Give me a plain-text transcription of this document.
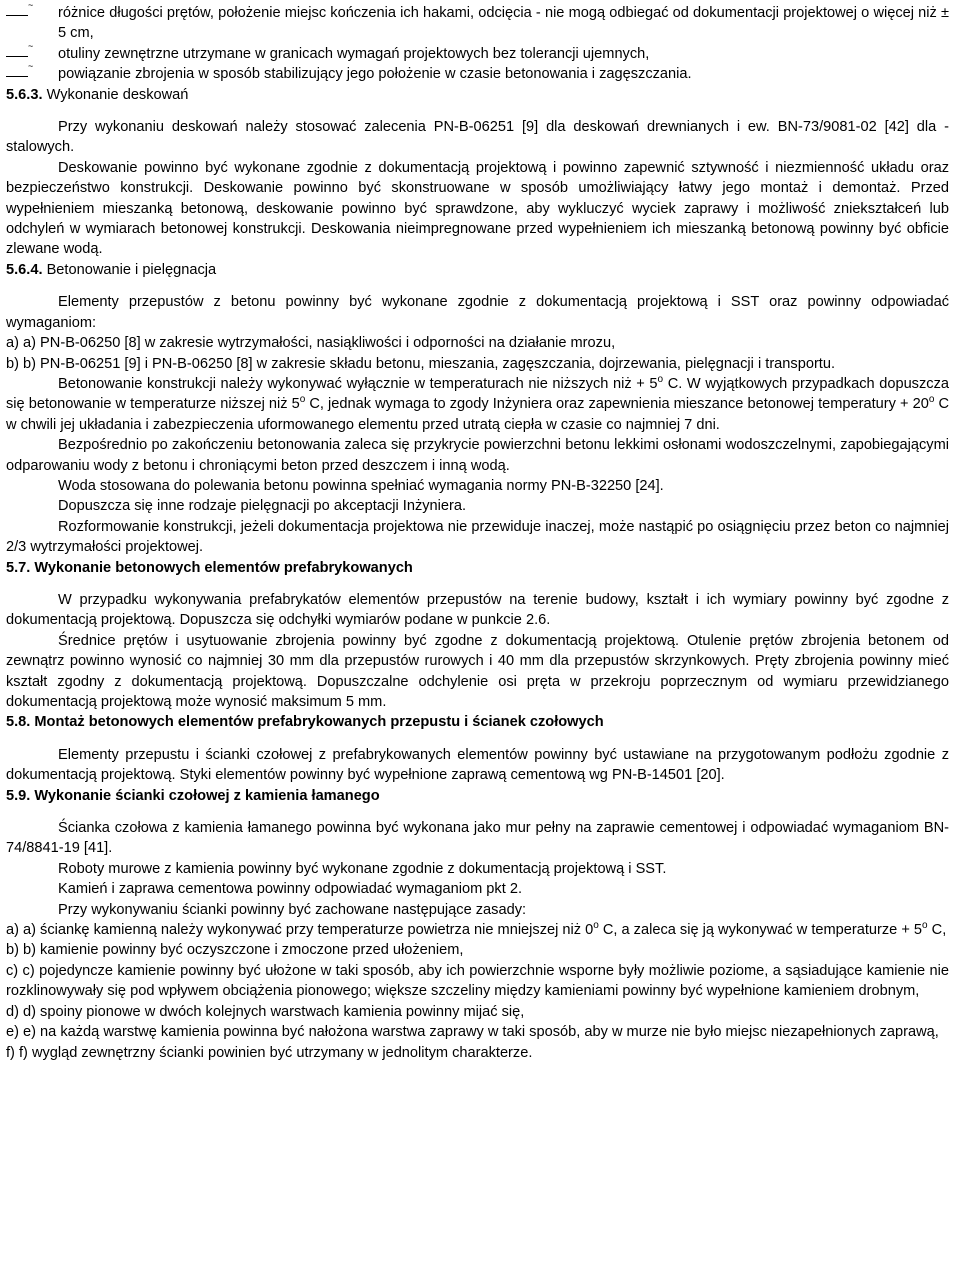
~

różnice długości prętów, położenie miejsc kończenia ich hakami, odcięcia - nie mogą odbiegać od dokumentacji projektowej o więcej niż ± 5 cm,

~

otuliny zewnętrzne utrzymane w granicach wymagań projektowych bez tolerancji ujemnych,

~

powiązanie zbrojenia w sposób stabilizujący jego położenie w czasie betonowania i zagęszczania.

5.6.3. Wykonanie deskowań

Przy wykonaniu deskowań należy stosować zalecenia PN-B-06251 [9] dla deskowań drewnianych i ew. BN-73/9081-02 [42] dla - stalowych.

Deskowanie powinno być wykonane zgodnie z dokumentacją projektową i powinno zapewnić sztywność i niezmienność układu oraz bezpieczeństwo konstrukcji. Deskowanie powinno być skonstruowane w sposób umożliwiający łatwy jego montaż i demontaż. Przed wypełnieniem mieszanką betonową, deskowanie powinno być sprawdzone, aby wykluczyć wyciek zaprawy i możliwość zniekształceń lub odchyleń w wymiarach betonowej konstrukcji. Deskowania nieimpregnowane przed wypełnieniem ich mieszanką betonową powinny być obficie zlewane wodą.

5.6.4. Betonowanie i pielęgnacja

Elementy przepustów z betonu powinny być wykonane zgodnie z dokumentacją projektową i SST oraz powinny odpowiadać wymaganiom:

a) a) PN-B-06250 [8] w zakresie wytrzymałości, nasiąkliwości i odporności na działanie mrozu,

b) b) PN-B-06251 [9] i PN-B-06250 [8] w zakresie składu betonu, mieszania, zagęszczania, dojrzewania, pielęgnacji i transportu.

Betonowanie konstrukcji należy wykonywać wyłącznie w temperaturach nie niższych niż + $5^o$ C. W wyjątkowych przypadkach dopuszcza się betonowanie w temperaturze niższej niż 5$^o$ C, jednak wymaga to zgody Inżyniera oraz zapewnienia mieszance betonowej temperatury + $20^o$ C w chwili jej układania i zabezpieczenia uformowanego elementu przed utratą ciepła w czasie co najmniej 7 dni.

Bezpośrednio po zakończeniu betonowania zaleca się przykrycie powierzchni betonu lekkimi osłonami wodoszczelnymi, zapobiegającymi odparowaniu wody z betonu i chroniącymi beton przed deszczem i inną wodą.

Woda stosowana do polewania betonu powinna spełniać wymagania normy PN-B-32250 [24].

Dopuszcza się inne rodzaje pielęgnacji po akceptacji Inżyniera.

Rozformowanie konstrukcji, jeżeli dokumentacja projektowa nie przewiduje inaczej, może nastąpić po osiągnięciu przez beton co najmniej 2/3 wytrzymałości projektowej.

5.7. Wykonanie betonowych elementów prefabrykowanych

W przypadku wykonywania prefabrykatów elementów przepustów na terenie budowy, kształt i ich wymiary powinny być zgodne z dokumentacją projektową. Dopuszcza się odchyłki wymiarów podane w punkcie 2.6.

Średnice prętów i usytuowanie zbrojenia powinny być zgodne z dokumentacją projektową. Otulenie prętów zbrojenia betonem od zewnątrz powinno wynosić co najmniej 30 mm dla przepustów rurowych i 40 mm dla przepustów skrzynkowych. Pręty zbrojenia powinny mieć kształt zgodny z dokumentacją projektową. Dopuszczalne odchylenie osi pręta w przekroju poprzecznym od wymiaru przewidzianego dokumentacją projektową może wynosić maksimum 5 mm.

5.8. Montaż betonowych elementów prefabrykowanych przepustu i ścianek czołowych

Elementy przepustu i ścianki czołowej z prefabrykowanych elementów powinny być ustawiane na przygotowanym podłożu zgodnie z dokumentacją projektową. Styki elementów powinny być wypełnione zaprawą cementową wg PN-B-14501 [20].

5.9. Wykonanie ścianki czołowej z kamienia łamanego

Ścianka czołowa z kamienia łamanego powinna być wykonana jako mur pełny na zaprawie cementowej i odpowiadać wymaganiom BN-74/8841-19 [41].

Roboty murowe z kamienia powinny być wykonane zgodnie z dokumentacją projektową i SST.

Kamień i zaprawa cementowa powinny odpowiadać wymaganiom pkt 2.

Przy wykonywaniu ścianki powinny być zachowane następujące zasady:

a) a) ściankę kamienną należy wykonywać przy temperaturze powietrza nie mniejszej niż 0$^o$ C, a zaleca się ją wykonywać w temperaturze + $5^o$ C,

b) b) kamienie powinny być oczyszczone i zmoczone przed ułożeniem,

c) c) pojedyncze kamienie powinny być ułożone w taki sposób, aby ich powierzchnie wsporne były możliwie poziome, a sąsiadujące kamienie nie rozklinowywały się pod wpływem obciążenia pionowego; większe szczeliny między kamieniami powinny być wypełnione kamieniem drobnym,

d) d) spoiny pionowe w dwóch kolejnych warstwach kamienia powinny mijać się,

e) e) na każdą warstwę kamienia powinna być nałożona warstwa zaprawy w taki sposób, aby w murze nie było miejsc niezapełnionych zaprawą,

f) f) wygląd zewnętrzny ścianki powinien być utrzymany w jednolitym charakterze.
